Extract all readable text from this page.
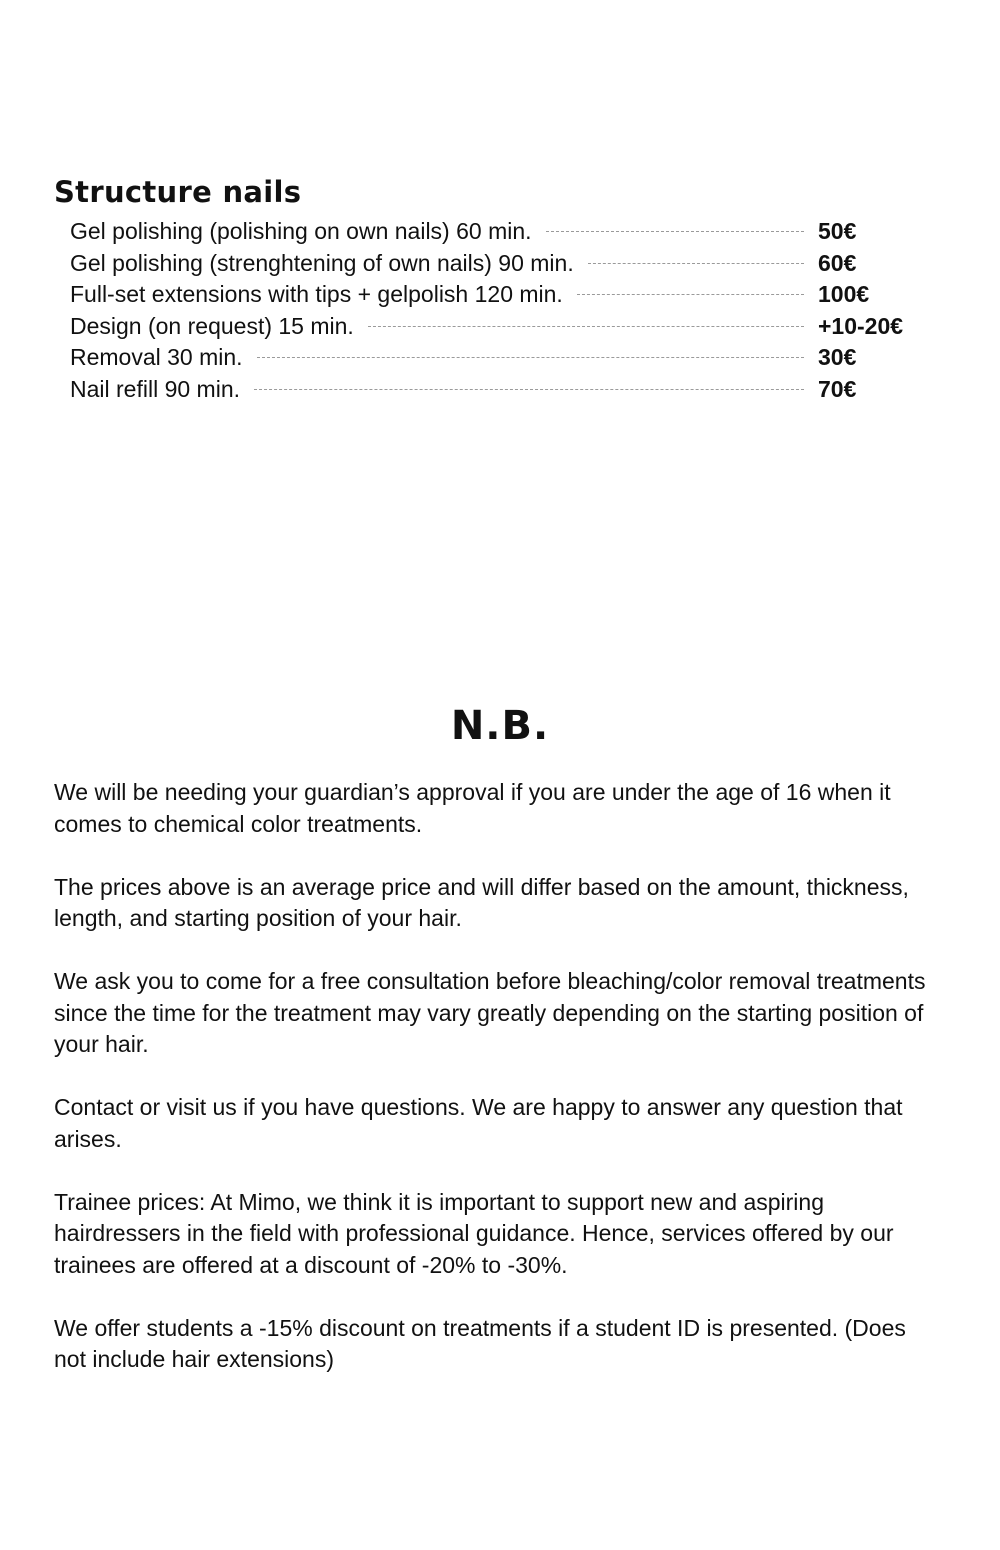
Structure nails
Gel polishing (polishing on own nails) 60 min.	50€
Gel polishing (strenghtening of own nails) 90 min.	60€
Full-set extensions with tips + gelpolish 120 min.	100€
Design (on request) 15 min.	+10-20€
Removal 30 min.	30€
Nail refill 90 min.	70€
N.B.

We will be needing your guardian’s approval if you are under the age of 16 when it comes to chemical color treatments.

The prices above is an average price and will differ based on the amount, thickness, length, and starting position of your hair.

We ask you to come for a free consultation before bleaching/color removal treatments since the time for the treatment may vary greatly depending on the starting position of your hair.

Contact or visit us if you have questions. We are happy to answer any question that arises.

Trainee prices: At Mimo, we think it is important to support new and aspiring hairdressers in the field with professional guidance. Hence, services offered by our trainees are offered at a discount of -20% to -30%.

We offer students a -15% discount on treatments if a student ID is presented. (Does not include hair extensions)
